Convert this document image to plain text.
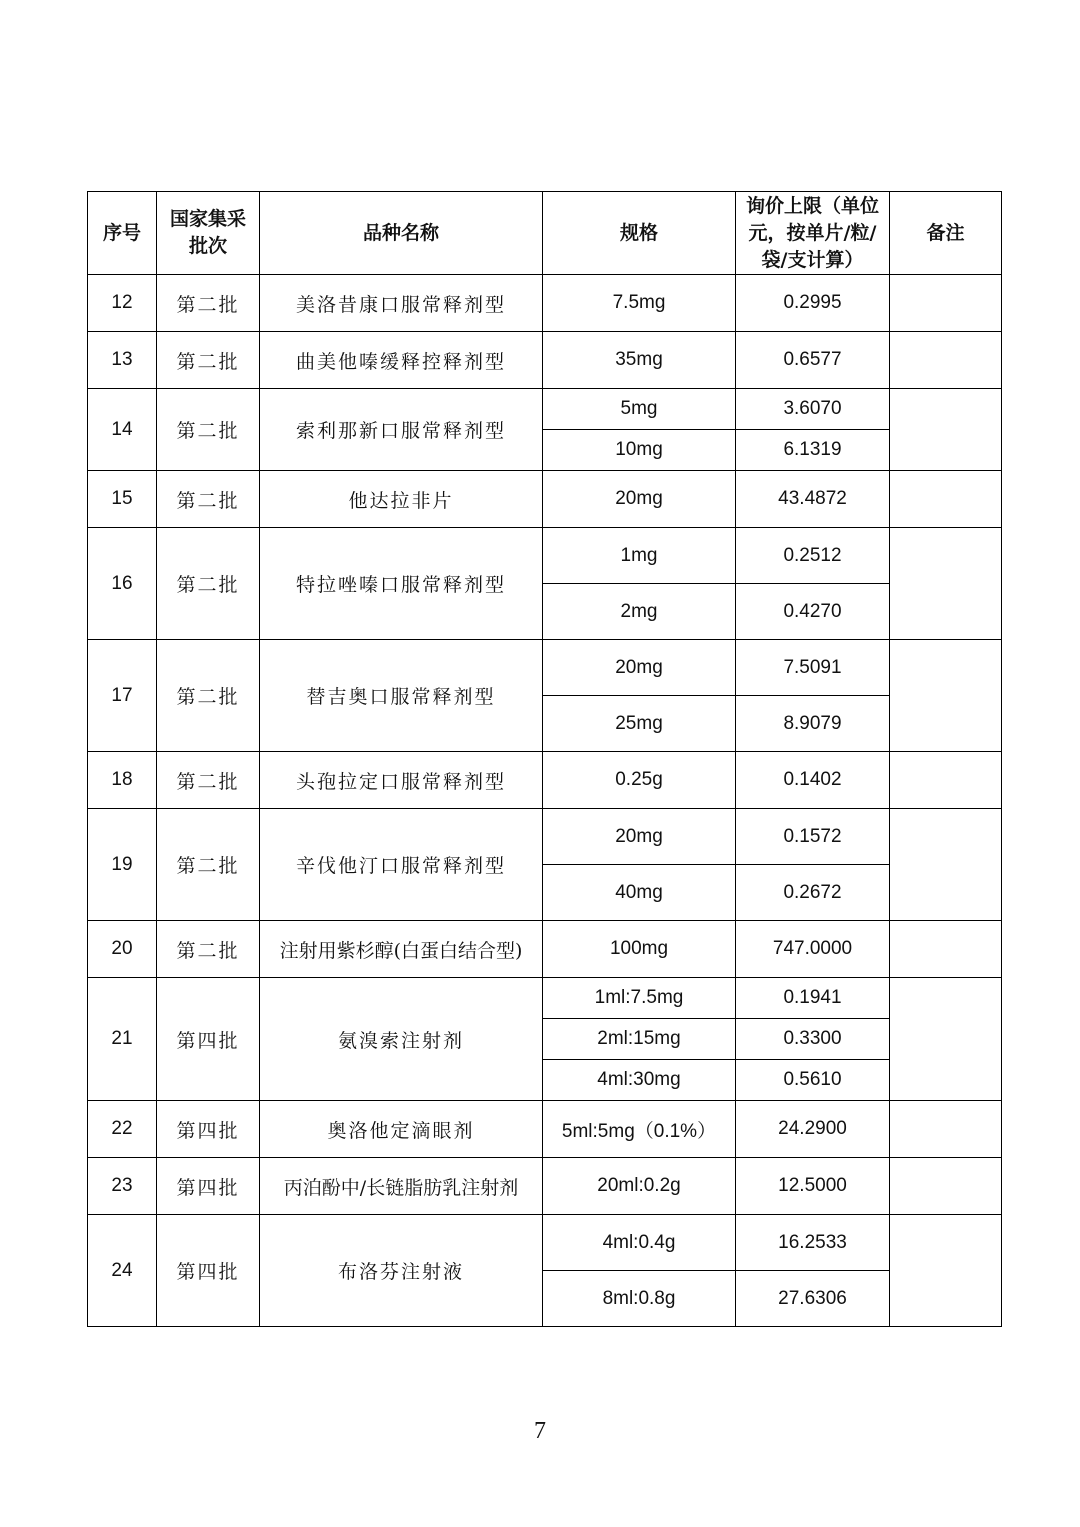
序号	国家集采批次	品种名称	规格	询价上限（单位元，按单片/粒/袋/支计算）	备注
12	第二批	美洛昔康口服常释剂型	7.5mg	0.2995	
13	第二批	曲美他嗪缓释控释剂型	35mg	0.6577	
14	第二批	索利那新口服常释剂型	5mg	3.6070	
			10mg	6.1319	
15	第二批	他达拉非片	20mg	43.4872	
16	第二批	特拉唑嗪口服常释剂型	1mg	0.2512	
			2mg	0.4270	
17	第二批	替吉奥口服常释剂型	20mg	7.5091	
			25mg	8.9079	
18	第二批	头孢拉定口服常释剂型	0.25g	0.1402	
19	第二批	辛伐他汀口服常释剂型	20mg	0.1572	
			40mg	0.2672	
20	第二批	注射用紫杉醇(白蛋白结合型)	100mg	747.0000	
21	第四批	氨溴索注射剂	1ml:7.5mg	0.1941	
			2ml:15mg	0.3300	
			4ml:30mg	0.5610	
22	第四批	奥洛他定滴眼剂	5ml:5mg（0.1%）	24.2900	
23	第四批	丙泊酚中/长链脂肪乳注射剂	20ml:0.2g	12.5000	
24	第四批	布洛芬注射液	4ml:0.4g	16.2533	
			8ml:0.8g	27.6306	
7
